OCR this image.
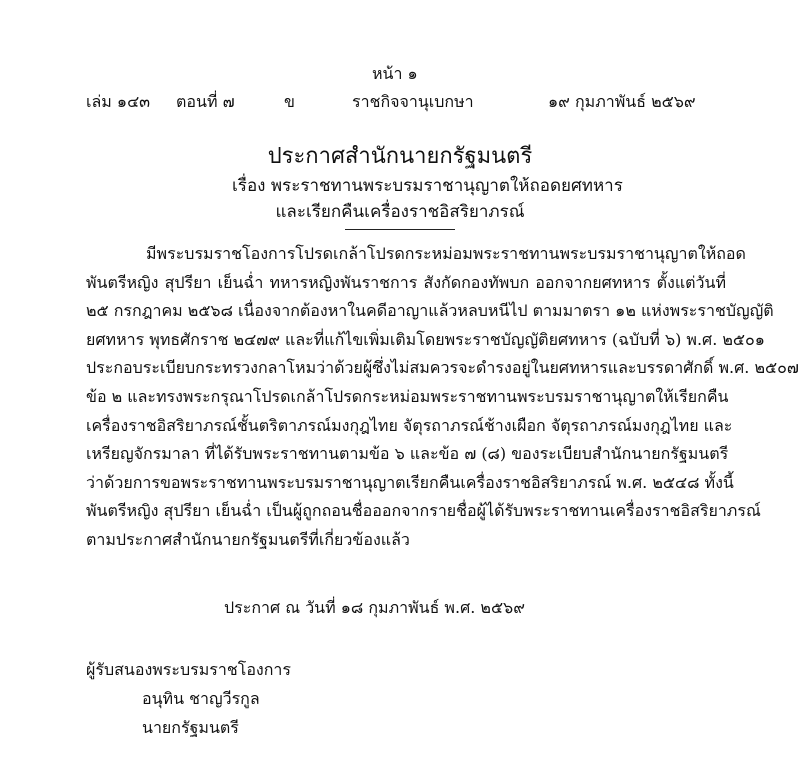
หน้า ๑
เล่ม ๑๔๓ ตอนที่ ๗	ข	ราชกิจจานุเบกษา	๑๙ กุมภาพันธ์ ๒๕๖๙
ประกาศสำนักนายกรัฐมนตรี
เรื่อง พระราชทานพระบรมราชานุญาตให้ถอดยศทหาร
และเรียกคืนเครื่องราชอิสริยาภรณ์
มีพระบรมราชโองการโปรดเกล้าโปรดกระหม่อมพระราชทานพระบรมราชานุญาตให้ถอด
พันตรีหญิง สุปรียา เย็นฉ่ำ ทหารหญิงพันราชการ สังกัดกองทัพบก ออกจากยศทหาร ตั้งแต่วันที่
๒๕ กรกฎาคม ๒๕๖๘ เนื่องจากต้องหาในคดีอาญาแล้วหลบหนีไป ตามมาตรา ๑๒ แห่งพระราชบัญญัติ
ยศทหาร พุทธศักราช ๒๔๗๙ และที่แก้ไขเพิ่มเติมโดยพระราชบัญญัติยศทหาร (ฉบับที่ ๖) พ.ศ. ๒๕๐๑
ประกอบระเบียบกระทรวงกลาโหมว่าด้วยผู้ซึ่งไม่สมควรจะดำรงอยู่ในยศทหารและบรรดาศักดิ์ พ.ศ. ๒๕๐๗
ข้อ ๒ และทรงพระกรุณาโปรดเกล้าโปรดกระหม่อมพระราชทานพระบรมราชานุญาตให้เรียกคืน
เครื่องราชอิสริยาภรณ์ชั้นตริตาภรณ์มงกุฎไทย จัตุรถาภรณ์ช้างเผือก จัตุรถาภรณ์มงกุฎไทย และ
เหรียญจักรมาลา ที่ได้รับพระราชทานตามข้อ ๖ และข้อ ๗ (๘) ของระเบียบสำนักนายกรัฐมนตรี
ว่าด้วยการขอพระราชทานพระบรมราชานุญาตเรียกคืนเครื่องราชอิสริยาภรณ์ พ.ศ. ๒๕๔๘ ทั้งนี้
พันตรีหญิง สุปรียา เย็นฉ่ำ เป็นผู้ถูกถอนชื่อออกจากรายชื่อผู้ได้รับพระราชทานเครื่องราชอิสริยาภรณ์
ตามประกาศสำนักนายกรัฐมนตรีที่เกี่ยวข้องแล้ว
ประกาศ ณ วันที่ ๑๘ กุมภาพันธ์ พ.ศ. ๒๕๖๙
ผู้รับสนองพระบรมราชโองการ
อนุทิน ชาญวีรกูล
นายกรัฐมนตรี
